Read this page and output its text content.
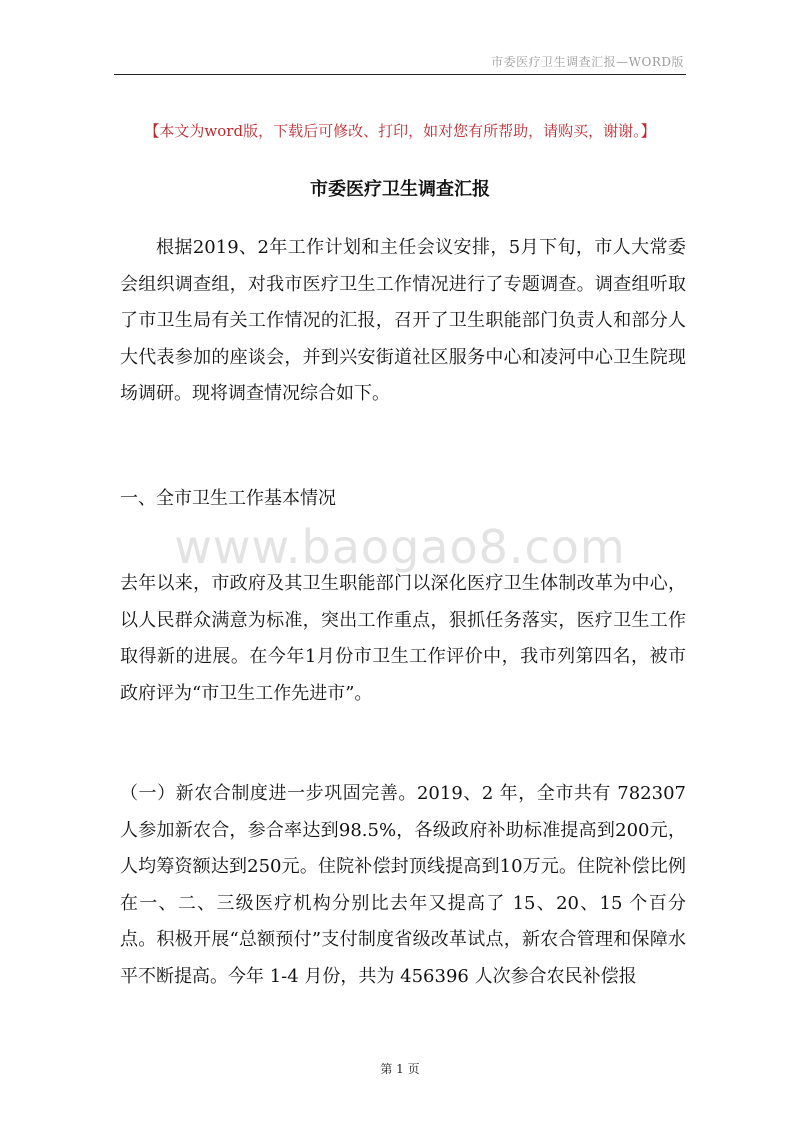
市委医疗卫生调查汇报—WORD版
【本文为word版，下载后可修改、打印，如对您有所帮助，请购买，谢谢。】
市委医疗卫生调查汇报

根据2019、2年工作计划和主任会议安排，5月下旬，市人大常委会组织调查组，对我市医疗卫生工作情况进行了专题调查。调查组听取了市卫生局有关工作情况的汇报，召开了卫生职能部门负责人和部分人大代表参加的座谈会，并到兴安街道社区服务中心和凌河中心卫生院现场调研。现将调查情况综合如下。

一、全市卫生工作基本情况

www.baogao8.com

去年以来，市政府及其卫生职能部门以深化医疗卫生体制改革为中心，以人民群众满意为标准，突出工作重点，狠抓任务落实，医疗卫生工作取得新的进展。在今年1月份市卫生工作评价中，我市列第四名，被市政府评为“市卫生工作先进市”。

（一）新农合制度进一步巩固完善。2019、2 年，全市共有 782307人参加新农合，参合率达到98.5%，各级政府补助标准提高到200元，人均筹资额达到250元。住院补偿封顶线提高到10万元。住院补偿比例在一、二、三级医疗机构分别比去年又提高了 15、20、15 个百分点。积极开展“总额预付”支付制度省级改革试点，新农合管理和保障水平不断提高。今年 1-4 月份，共为 456396 人次参合农民补偿报

第 1 页
